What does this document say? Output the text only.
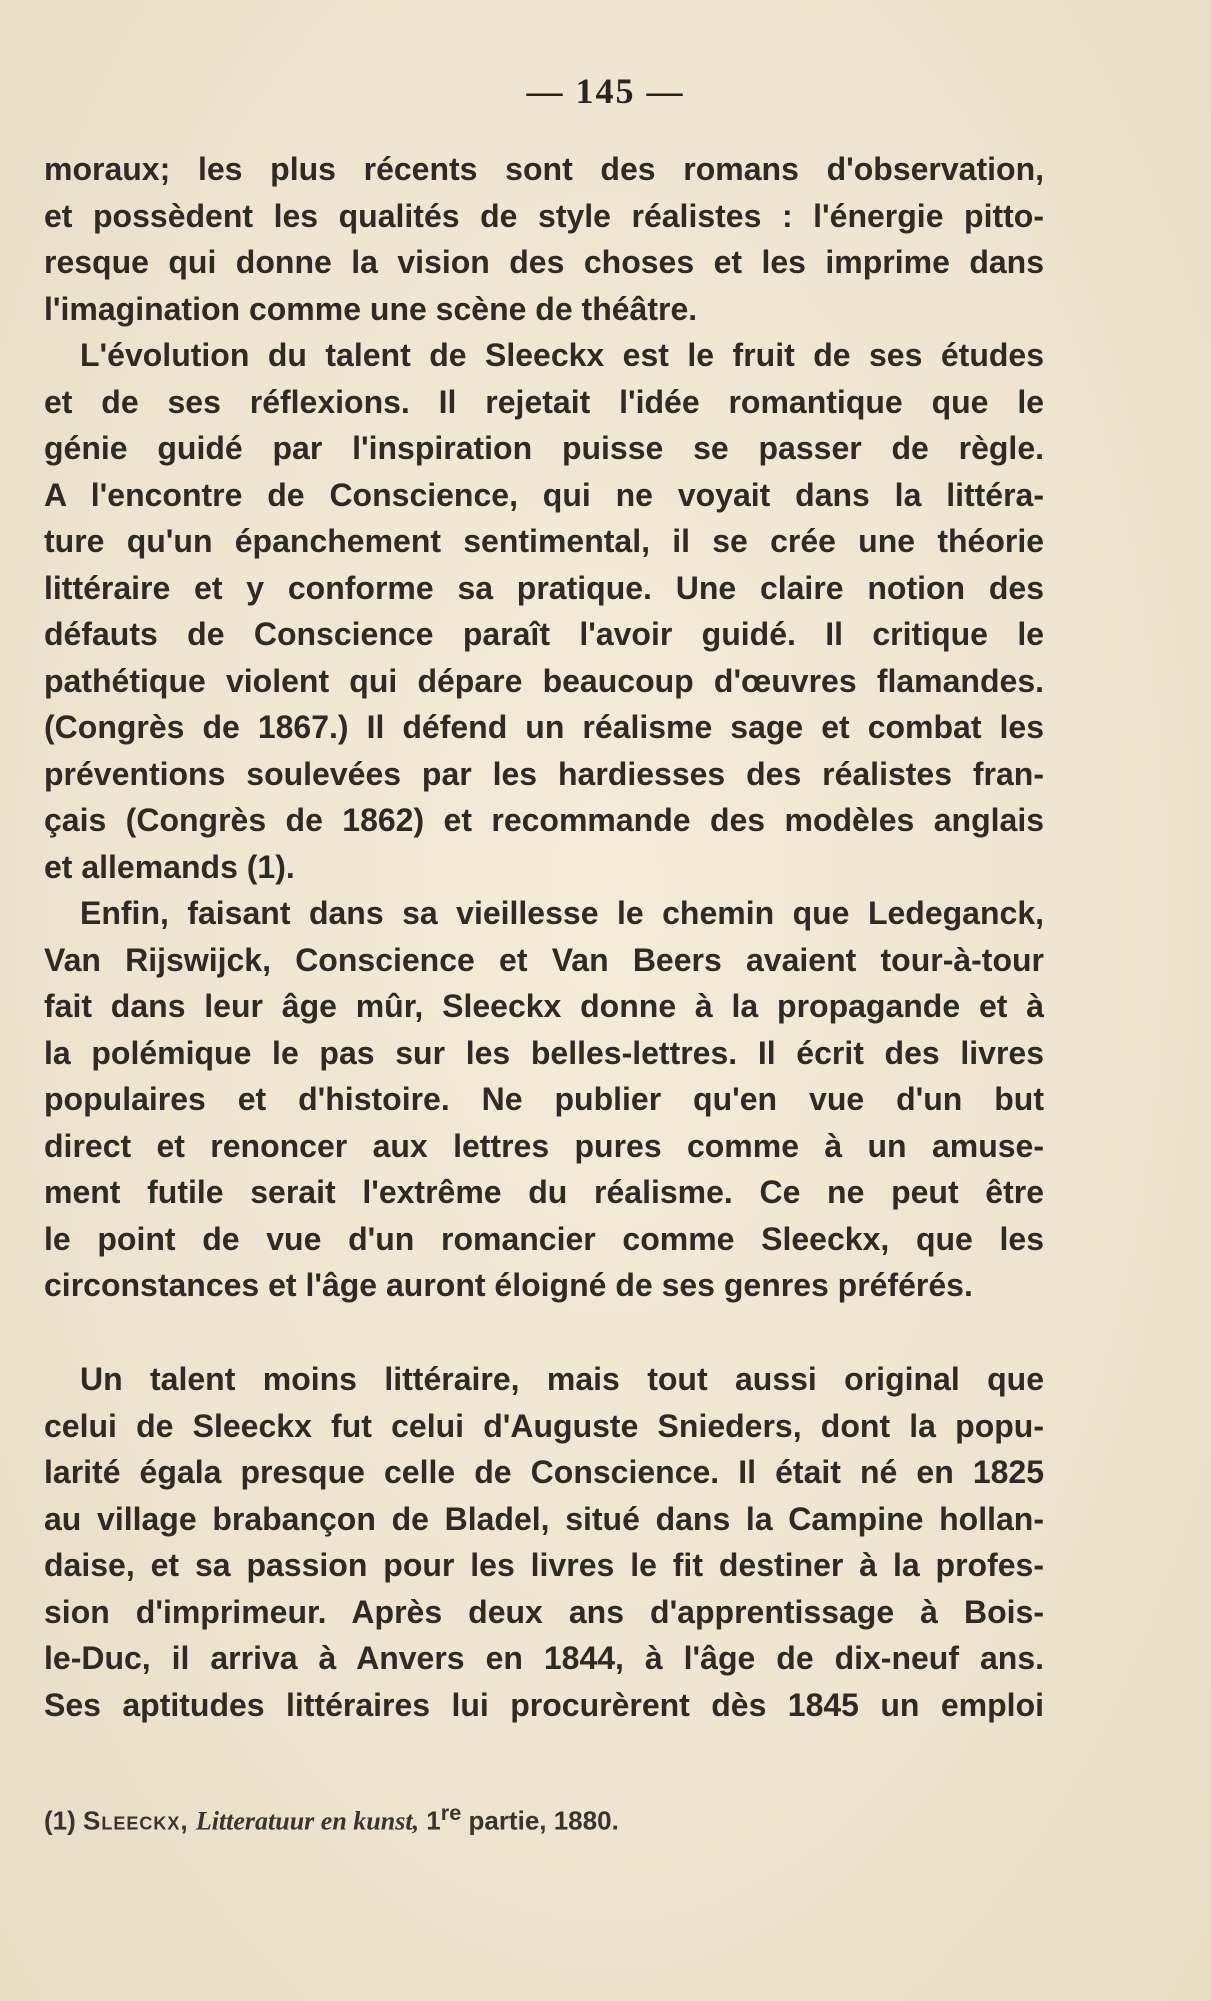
— 145 —
moraux; les plus récents sont des romans d'observation,
et possèdent les qualités de style réalistes : l'énergie pitto-
resque qui donne la vision des choses et les imprime dans
l'imagination comme une scène de théâtre.
L'évolution du talent de Sleeckx est le fruit de ses études
et de ses réflexions. Il rejetait l'idée romantique que le
génie guidé par l'inspiration puisse se passer de règle.
A l'encontre de Conscience, qui ne voyait dans la littéra-
ture qu'un épanchement sentimental, il se crée une théorie
littéraire et y conforme sa pratique. Une claire notion des
défauts de Conscience paraît l'avoir guidé. Il critique le
pathétique violent qui dépare beaucoup d'œuvres flamandes.
(Congrès de 1867.) Il défend un réalisme sage et combat les
préventions soulevées par les hardiesses des réalistes fran-
çais (Congrès de 1862) et recommande des modèles anglais
et allemands (1).
Enfin, faisant dans sa vieillesse le chemin que Ledeganck,
Van Rijswijck, Conscience et Van Beers avaient tour-à-tour
fait dans leur âge mûr, Sleeckx donne à la propagande et à
la polémique le pas sur les belles-lettres. Il écrit des livres
populaires et d'histoire. Ne publier qu'en vue d'un but
direct et renoncer aux lettres pures comme à un amuse-
ment futile serait l'extrême du réalisme. Ce ne peut être
le point de vue d'un romancier comme Sleeckx, que les
circonstances et l'âge auront éloigné de ses genres préférés.
Un talent moins littéraire, mais tout aussi original que
celui de Sleeckx fut celui d'Auguste Snieders, dont la popu-
larité égala presque celle de Conscience. Il était né en 1825
au village brabançon de Bladel, situé dans la Campine hollan-
daise, et sa passion pour les livres le fit destiner à la profes-
sion d'imprimeur. Après deux ans d'apprentissage à Bois-
le-Duc, il arriva à Anvers en 1844, à l'âge de dix-neuf ans.
Ses aptitudes littéraires lui procurèrent dès 1845 un emploi
(1) Sleeckx, Litteratuur en kunst, 1re partie, 1880.
